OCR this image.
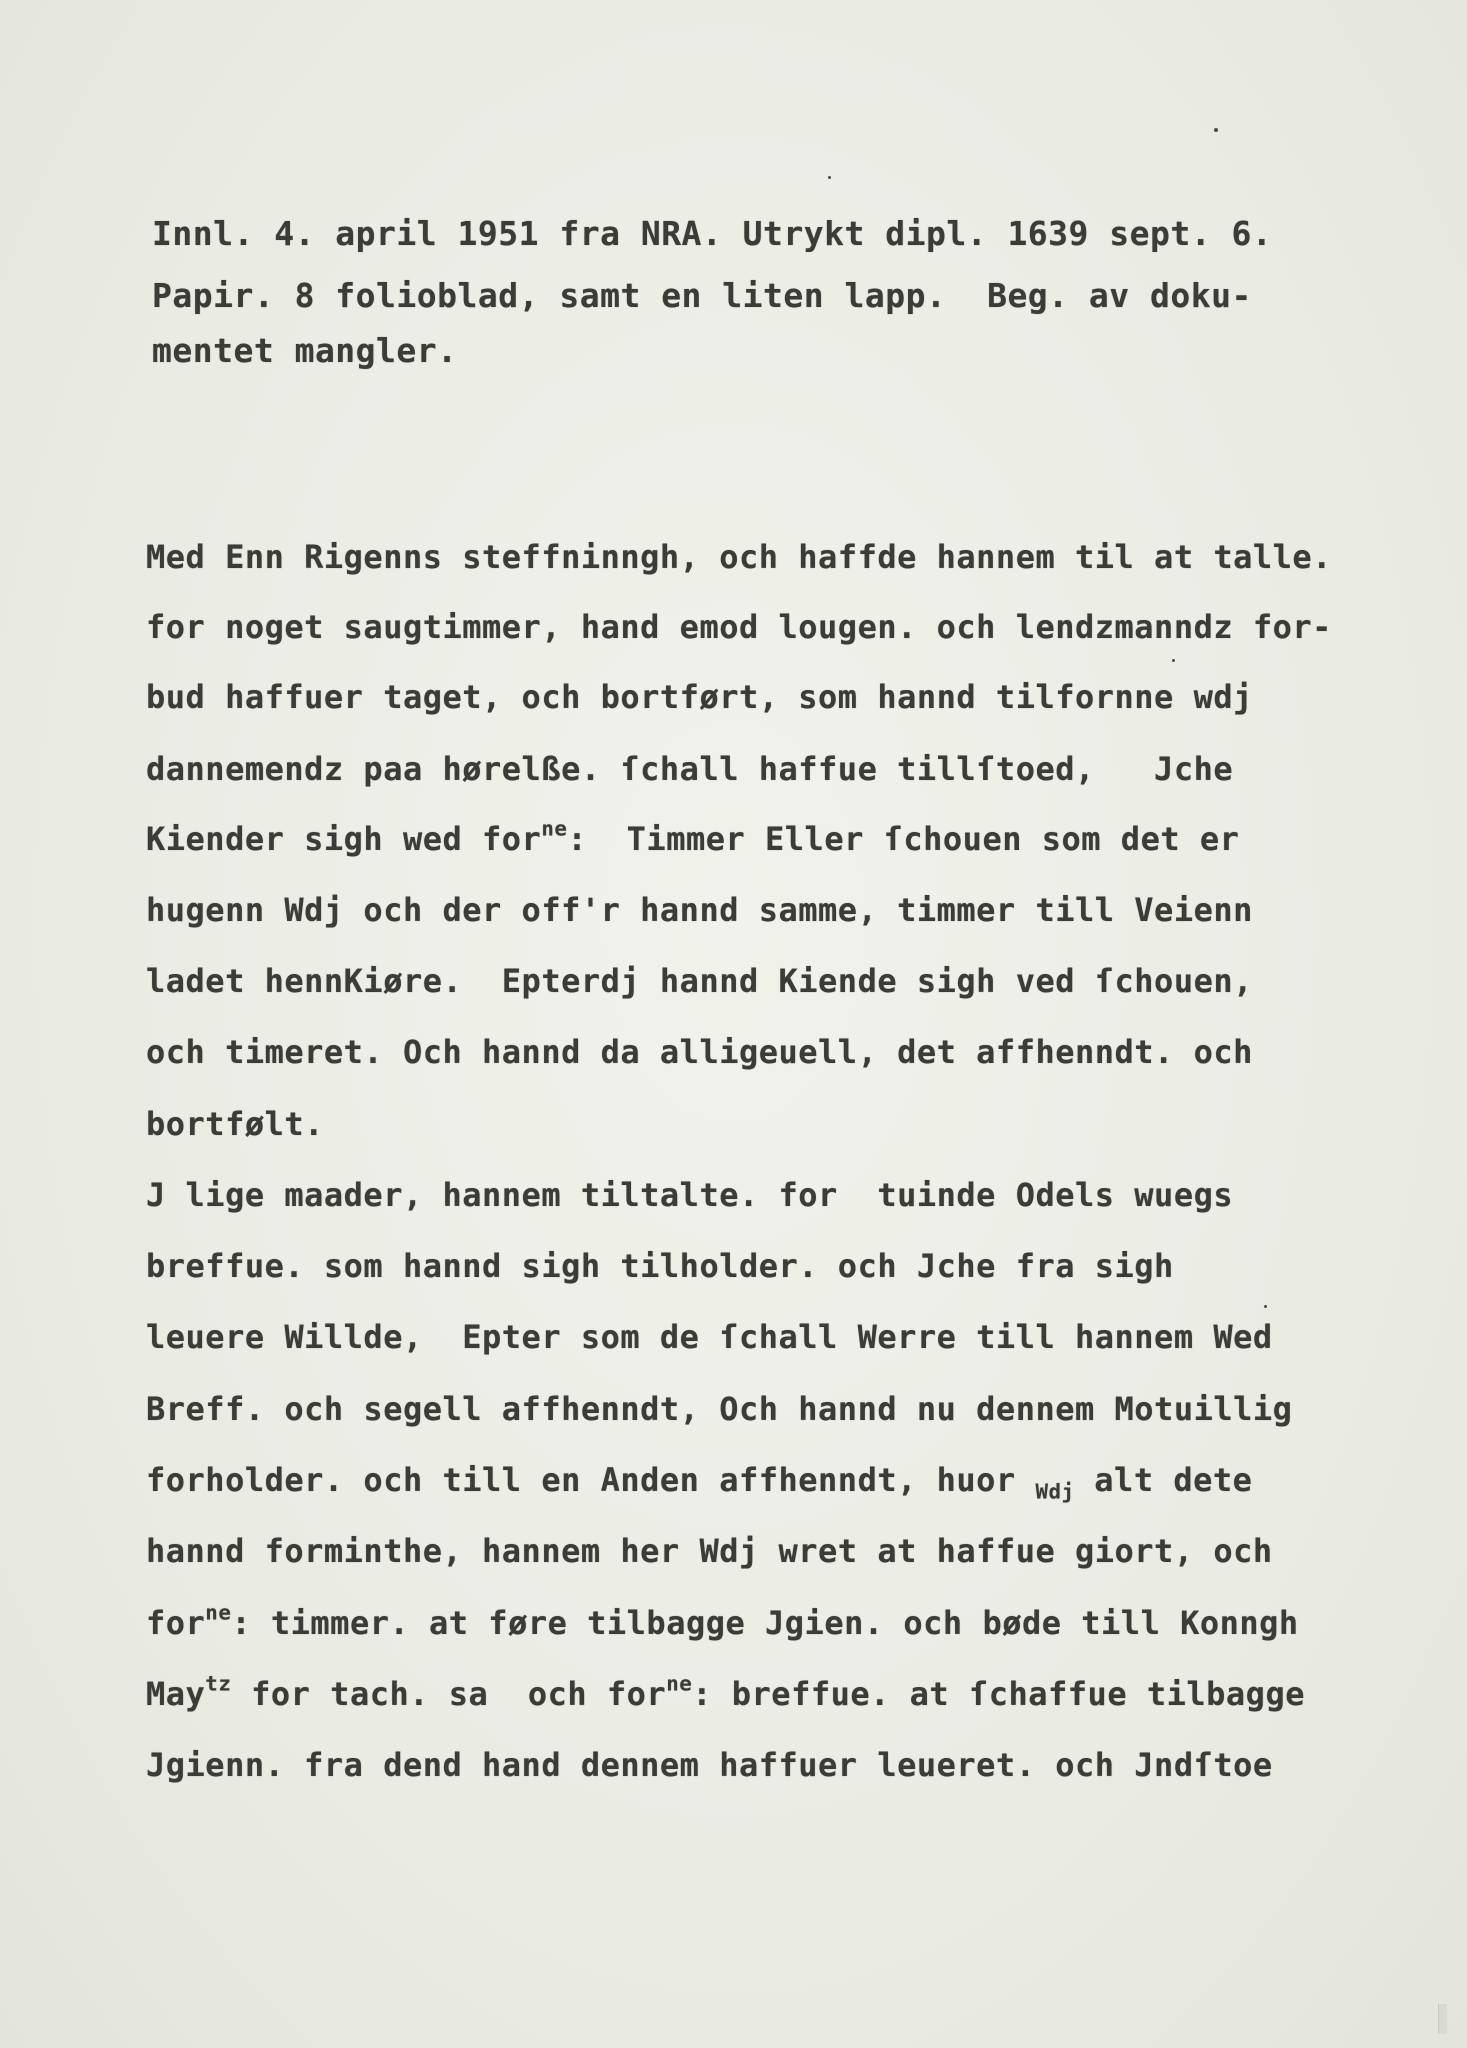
Innl. 4. april 1951 fra NRA. Utrykt dipl. 1639 sept. 6.
Papir. 8 folioblad, samt en liten lapp.  Beg. av doku-
mentet mangler.
Med Enn Rigenns steffninngh, och haffde hannem til at talle.
for noget saugtimmer, hand emod lougen. och lendzmanndz for-
bud haffuer taget, och bortført, som hannd tilfornne wdj
dannemendz paa hørelße. ſchall haffue tillſtoed,   Jche
Kiender sigh wed for$^{ne}$:  Timmer Eller ſchouen som det er
hugenn Wdj och der off'r hannd samme, timmer till Veienn
ladet hennKiøre.  Epterdj hannd Kiende sigh ved ſchouen,
och timeret. Och hannd da alligeuell, det affhenndt. och
bortfølt.
J lige maader, hannem tiltalte. for  tuinde Odels wuegs
breffue. som hannd sigh tilholder. och Jche fra sigh
leuere Willde,  Epter som de ſchall Werre till hannem Wed
Breff. och segell affhenndt, Och hannd nu dennem Motuillig
forholder. och till en Anden affhenndt, huor $_{Wdj}$ alt dete
hannd forminthe, hannem her Wdj wret at haffue giort, och
for$^{ne}$: timmer. at føre tilbagge Jgien. och bøde till Konngh
May$^{tz}$ for tach. sa  och for$^{ne}$: breffue. at ſchaffue tilbagge
Jgienn. fra dend hand dennem haffuer leueret. och Jndſtoe
